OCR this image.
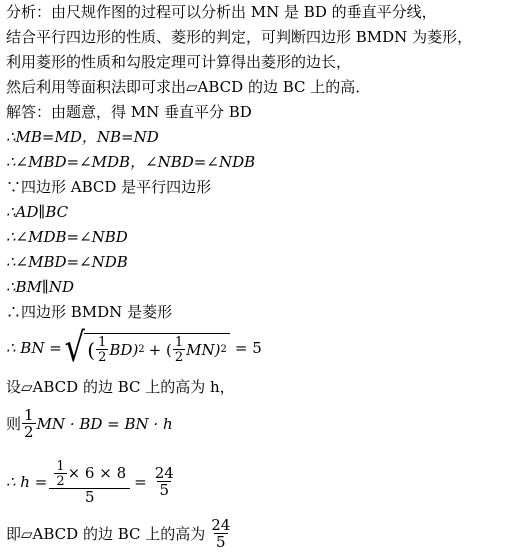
分析：由尺规作图的过程可以分析出 MN 是 BD 的垂直平分线，
结合平行四边形的性质、菱形的判定，可判断四边形 BMDN 为菱形，
利用菱形的性质和勾股定理可计算得出菱形的边长，
然后利用等面积法即可求出▱ABCD 的边 BC 上的高．
解答：由题意，得 MN 垂直平分 BD
∴MB=MD，NB=ND
∴∠MBD=∠MDB，∠NBD=∠NDB
∵四边形 ABCD 是平行四边形
∴AD∥BC
∴∠MDB=∠NBD
∴∠MBD=∠NDB
∴BM∥ND
∴四边形 BMDN 是菱形
∴ BN = √ ( $\frac{1}{2} BD$) 2 + ( $\frac{1}{2} MN$) 2 = 5
设▱ABCD 的边 BC 上的高为 h，
则 $\frac{1}{2}$ MN · BD = BN · h
∴ $h = \frac{\frac{1}{2} \times 6 \times 8}{5} = \frac{24}{5}$
即▱ABCD 的边 BC 上的高为 $\frac{24}{5}$
